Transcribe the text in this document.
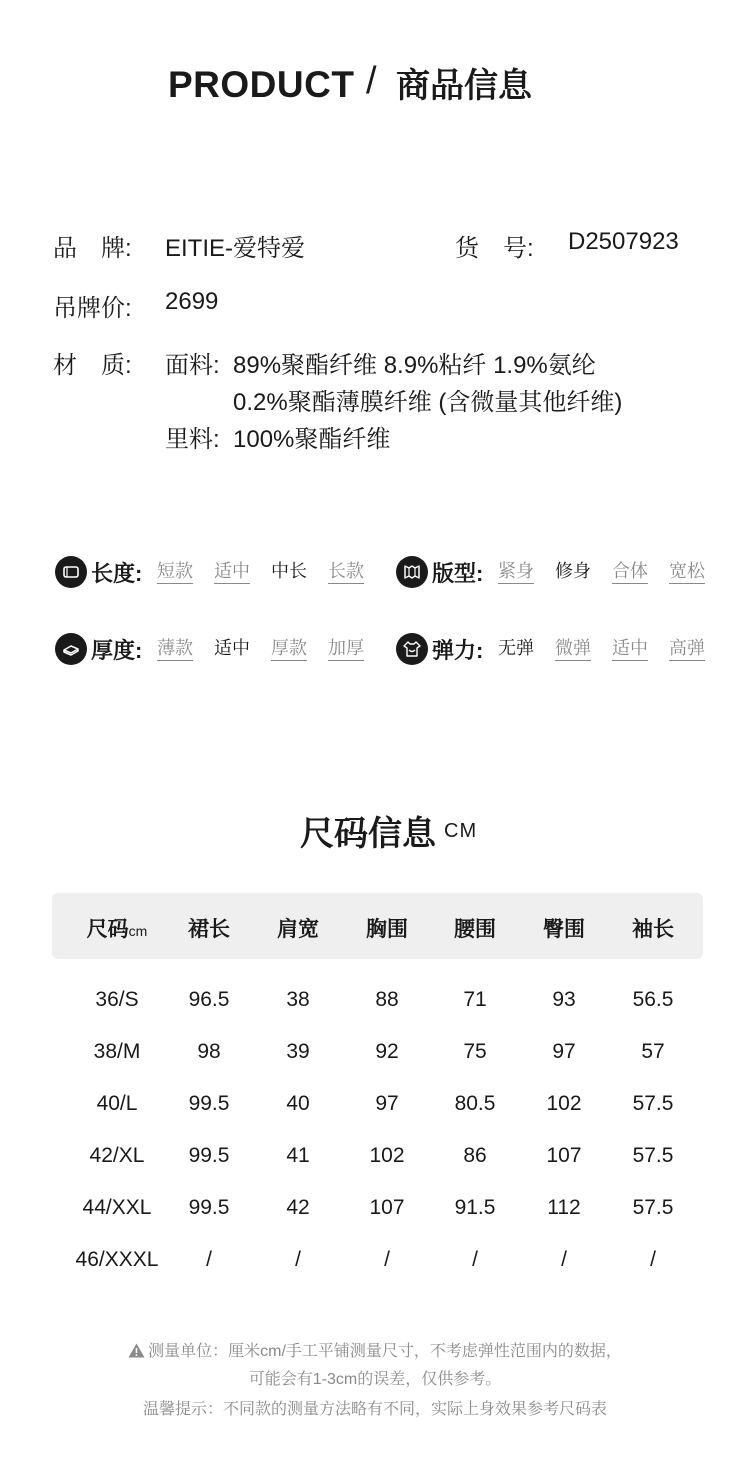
PRODUCT / 商品信息
品　牌: EITIE-爱特爱	货　号: D2507923
吊牌价: 2699
材　质: 面料: 89%聚酯纤维 8.9%粘纤 1.9%氨纶
0.2%聚酯薄膜纤维 (含微量其他纤维)
里料: 100%聚酯纤维
长度: 短款 适中 中长 长款	版型: 紧身 修身 合体 宽松
厚度: 薄款 适中 厚款 加厚	弹力: 无弹 微弹 适中 高弹
尺码信息 CM
尺码cm	裙长	肩宽	胸围	腰围	臀围	袖长
36/S	96.5	38	88	71	93	56.5
38/M	98	39	92	75	97	57
40/L	99.5	40	97	80.5	102	57.5
42/XL	99.5	41	102	86	107	57.5
44/XXL	99.5	42	107	91.5	112	57.5
46/XXXL	/	/	/	/	/	/
测量单位：厘米cm/手工平铺测量尺寸，不考虑弹性范围内的数据，
可能会有1-3cm的误差，仅供参考。
温馨提示：不同款的测量方法略有不同，实际上身效果参考尺码表
